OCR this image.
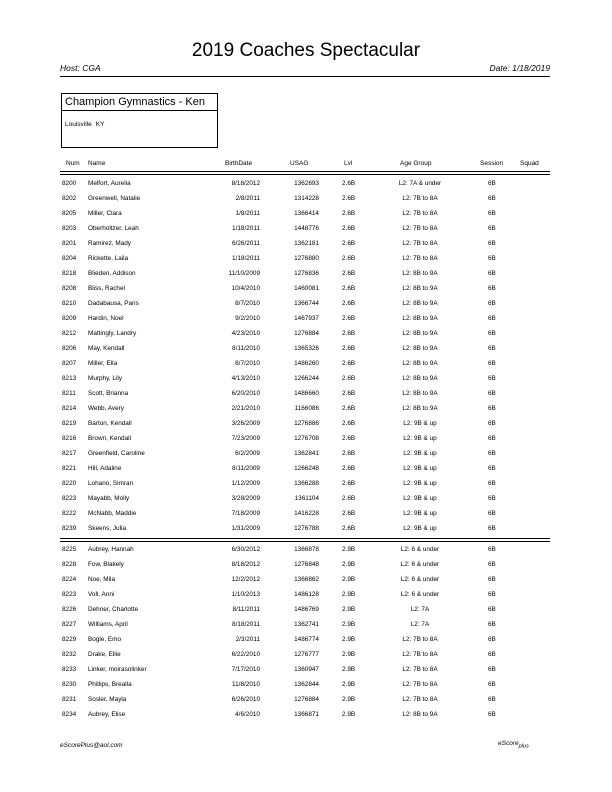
2019 Coaches Spectacular
Host: CGA	Date: 1/18/2019
Champion Gymnastics - Ken
Louisville KY
Num Name	BirthDate	USAG	Lvl	Age Group	Session	Squad
8200 Melfort, Aurelia	8/18/2012	1362693	2.6B	L2: 7A & under	6B
8202 Greenwell, Natalie	2/8/2011	1314228	2.6B	L2: 7B to 8A	6B
8205 Miller, Clara	1/8/2011	1366414	2.6B	L2: 7B to 8A	6B
8203 Oberholtzer, Leah	1/18/2011	1448776	2.6B	L2: 7B to 8A	6B
8201 Ramirez, Mady	6/26/2011	1362181	2.6B	L2: 7B to 8A	6B
8204 Rickette, Laila	1/18/2011	1276880	2.6B	L2: 7B to 8A	6B
8218 Blieden, Addison	11/10/2009	1276836	2.6B	L2: 8B to 9A	6B
8208 Bliss, Rachel	10/4/2010	1460081	2.6B	L2: 8B to 9A	6B
8210 Dadabausa, Paris	8/7/2010	1366744	2.6B	L2: 8B to 9A	6B
8209 Hardin, Noel	9/2/2010	1467937	2.6B	L2: 8B to 9A	6B
8212 Mattingly, Landry	4/23/2010	1276884	2.6B	L2: 8B to 9A	6B
8206 May, Kendall	8/11/2010	1365326	2.6B	L2: 8B to 9A	6B
8207 Miller, Ella	8/7/2010	1486260	2.6B	L2: 8B to 9A	6B
8213 Murphy, Lily	4/13/2010	1266244	2.6B	L2: 8B to 9A	6B
8211 Scott, Brianna	6/20/2010	1486660	2.6B	L2: 8B to 9A	6B
8214 Webb, Avery	2/21/2010	1166086	2.6B	L2: 8B to 9A	6B
8219 Barton, Kendall	3/26/2009	1276886	2.6B	L2: 9B & up	6B
8216 Brown, Kendall	7/23/2009	1276708	2.6B	L2: 9B & up	6B
8217 Greenfield, Caroline	6/2/2009	1362841	2.6B	L2: 9B & up	6B
8221 Hill, Adaline	8/11/2009	1266248	2.6B	L2: 9B & up	6B
8220 Lohano, Simran	1/12/2009	1366288	2.6B	L2: 9B & up	6B
8223 Mayabb, Molly	3/28/2009	1361104	2.6B	L2: 9B & up	6B
8222 McNabb, Maddie	7/18/2009	1416228	2.6B	L2: 9B & up	6B
8239 Skeens, Julia	1/31/2009	1276788	2.6B	L2: 9B & up	6B
8225 Aubrey, Hannah	6/30/2012	1366878	2.9B	L2: 6 & under	6B
8228 Fow, Blakely	8/18/2012	1276848	2.9B	L2: 6 & under	6B
8224 Noe, Mila	12/2/2012	1366862	2.9B	L2: 6 & under	6B
8223 Voll, Anni	1/10/2013	1486128	2.9B	L2: 6 & under	6B
8226 Dehner, Charlotte	8/11/2011	1486769	2.9B	L2: 7A	6B
8227 Williams, April	8/18/2011	1362741	2.9B	L2: 7A	6B
8229 Bogle, Emo	2/3/2011	1486774	2.9B	L2: 7B to 8A	6B
8232 Drake, Ellie	6/22/2010	1276777	2.9B	L2: 7B to 8A	6B
8233 Linker, moirasolinker	7/17/2010	1360947	2.9B	L2: 7B to 8A	6B
8230 Phillips, Brealla	11/8/2010	1362844	2.9B	L2: 7B to 8A	6B
8231 Sosler, Mayla	6/26/2010	1276884	2.9B	L2: 7B to 8A	6B
8234 Aubrey, Elise	4/6/2010	1366871	2.9B	L2: 8B to 9A	6B
eScorePlus@aol.com	eScore$_{plus}$
